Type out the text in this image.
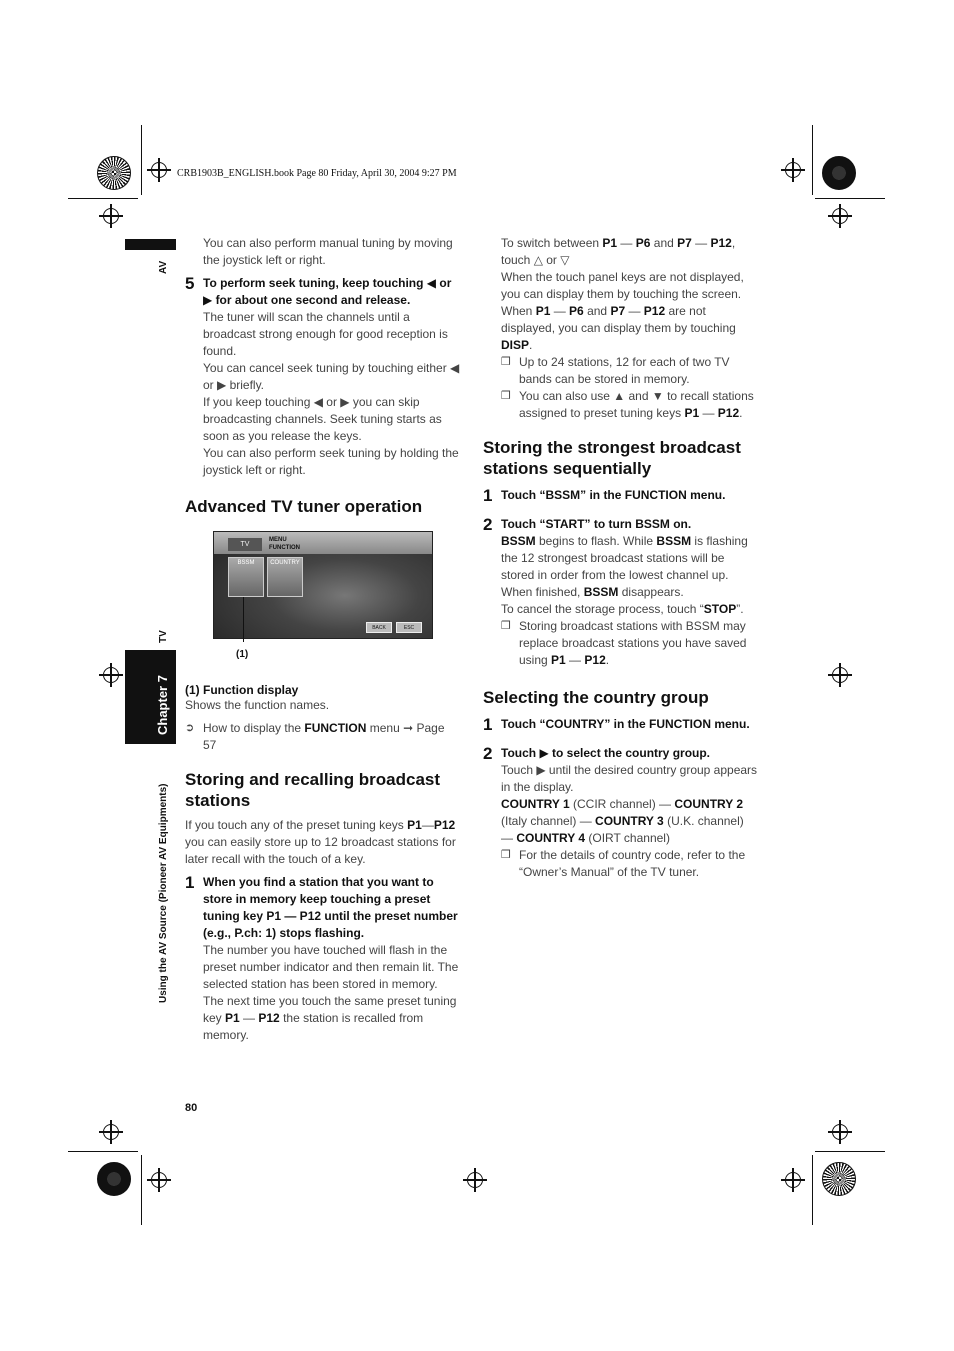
CRB1903B_ENGLISH.book Page 80 Friday, April 30, 2004 9:27 PM
AV
TV
Chapter 7
Using the AV Source (Pioneer AV Equipments)

You can also perform manual tuning by moving the joystick left or right.

5 To perform seek tuning, keep touching ◀ or ▶ for about one second and release.

The tuner will scan the channels until a broadcast strong enough for good reception is found.

You can cancel seek tuning by touching either ◀ or ▶ briefly.

If you keep touching ◀ or ▶ you can skip broadcasting channels. Seek tuning starts as soon as you release the keys.

You can also perform seek tuning by holding the joystick left or right.

Advanced TV tuner operation
TV
MENU
FUNCTION
BSSM	COUNTRY
BACK	ESC
(1)

(1) Function display

Shows the function names.

➲ How to display the FUNCTION menu ➞ Page 57
Storing and recalling broadcast stations

If you touch any of the preset tuning keys P1—P12 you can easily store up to 12 broadcast stations for later recall with the touch of a key.

1 When you find a station that you want to store in memory keep touching a preset tuning key P1 — P12 until the preset number (e.g., P.ch: 1) stops flashing.

The number you have touched will flash in the preset number indicator and then remain lit. The selected station has been stored in memory.

The next time you touch the same preset tuning key P1 — P12 the station is recalled from memory.

80

To switch between P1 — P6 and P7 — P12,

touch △ or ▽

When the touch panel keys are not displayed, you can display them by touching the screen. When P1 — P6 and P7 — P12 are not displayed, you can display them by touching DISP.

❒ Up to 24 stations, 12 for each of two TV bands can be stored in memory.
❒ You can also use ▲ and ▼ to recall stations assigned to preset tuning keys P1 — P12.
Storing the strongest broadcast stations sequentially
1 Touch “BSSM” in the FUNCTION menu.
2 Touch “START” to turn BSSM on.

BSSM begins to flash. While BSSM is flashing the 12 strongest broadcast stations will be stored in order from the lowest channel up. When finished, BSSM disappears.

To cancel the storage process, touch “STOP”.

❒ Storing broadcast stations with BSSM may replace broadcast stations you have saved using P1 — P12.
Selecting the country group
1 Touch “COUNTRY” in the FUNCTION menu.
2 Touch ▶ to select the country group.

Touch ▶ until the desired country group appears in the display.

COUNTRY 1 (CCIR channel) — COUNTRY 2 (Italy channel) — COUNTRY 3 (U.K. channel) — COUNTRY 4 (OIRT channel)

❒ For the details of country code, refer to the “Owner’s Manual” of the TV tuner.
